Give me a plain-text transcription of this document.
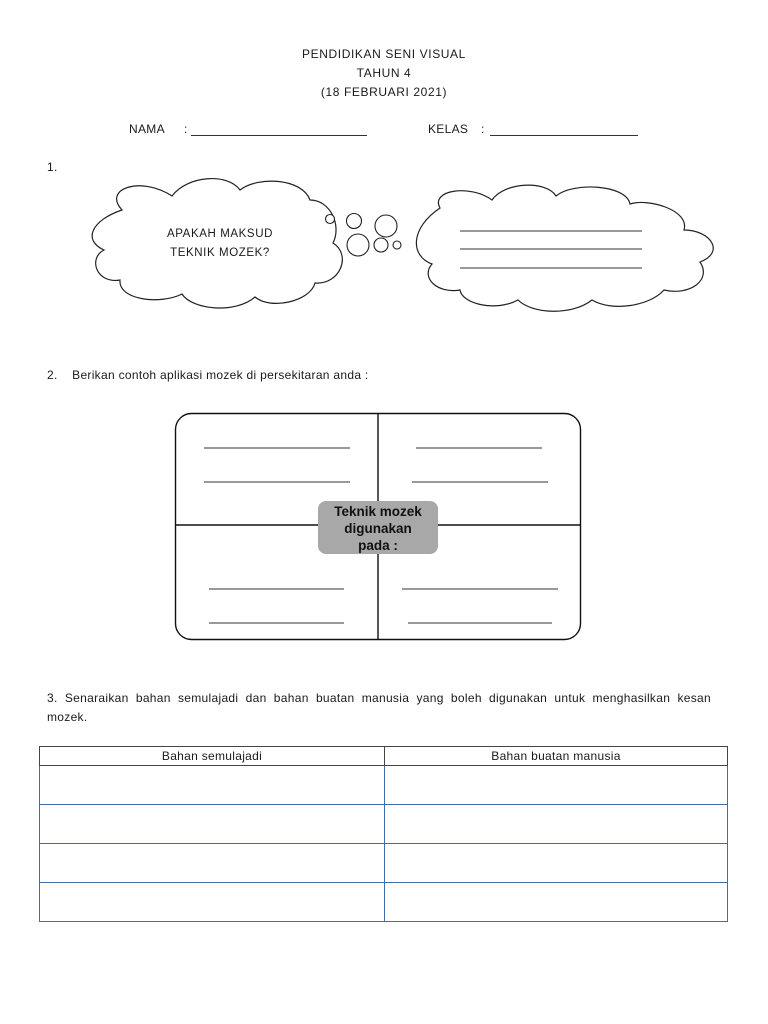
PENDIDIKAN SENI VISUAL
TAHUN 4
(18 FEBRUARI 2021)
NAMA :	KELAS :
1.
APAKAH MAKSUD
TEKNIK MOZEK?
2.    Berikan contoh aplikasi mozek di persekitaran anda :
Teknik mozek
digunakan
pada :
3.  Senaraikan  bahan  semulajadi  dan  bahan  buatan  manusia  yang  boleh  digunakan  untuk  menghasilkan  kesan
mozek.
Bahan semulajadi	Bahan buatan manusia
